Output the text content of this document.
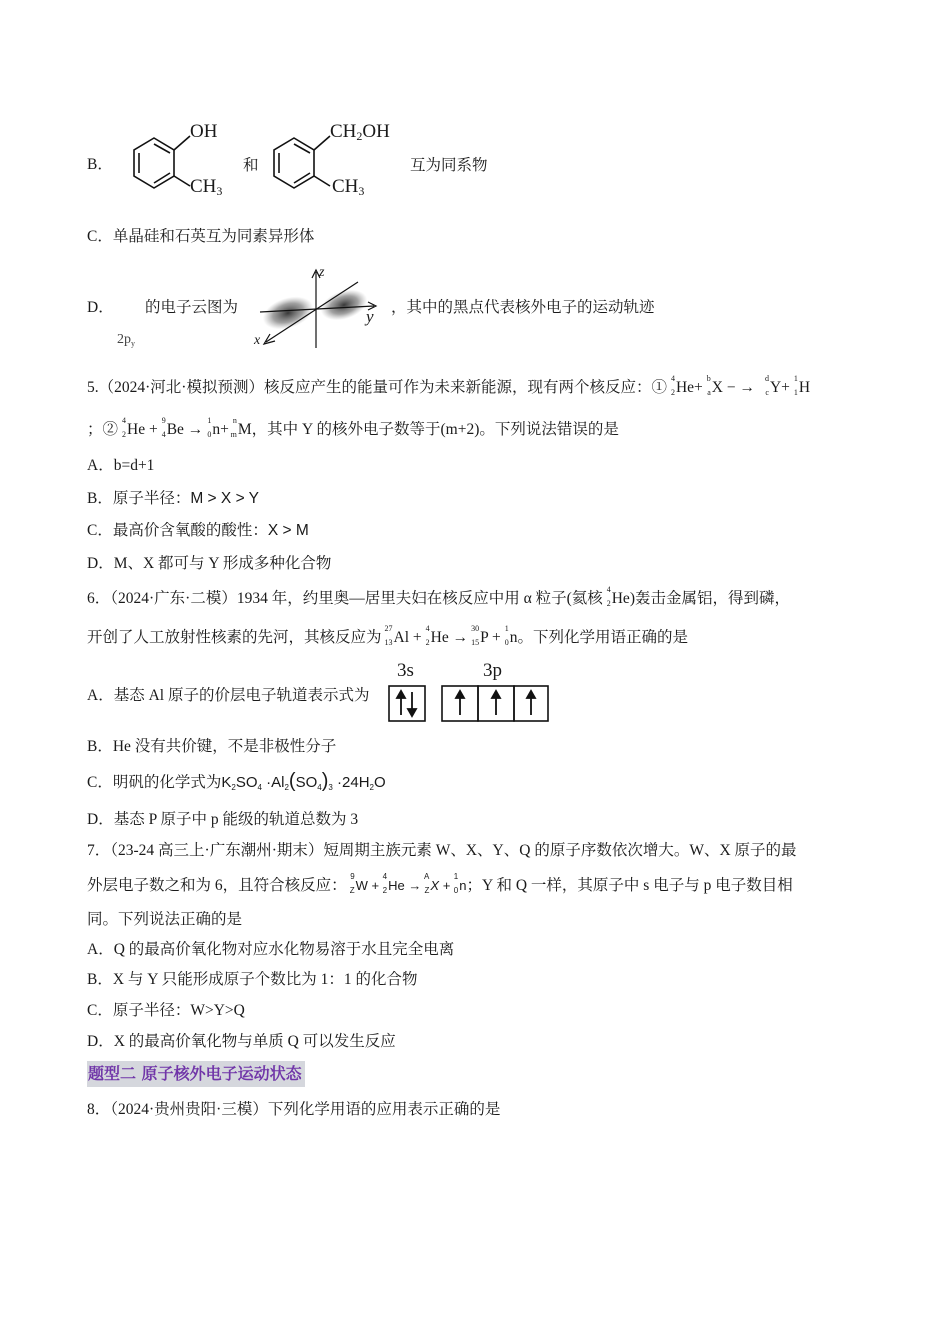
B．
OH
$CH_3$
和
$CH_2OH$
$CH_3$
互为同系物
C．单晶硅和石英互为同素异形体
D． 的电子云图为
$2p_y$
z
y
x
，其中的黑点代表核外电子的运动轨迹
5.（2024·河北·模拟预测）核反应产生的能量可作为未来新能源，现有两个核反应：①
4
2 He+
b
a X − →
d
c Y+
1
1 H
；②
4
2 He +
9
4 Be →
1
0 n+
n
m M，其中 Y 的核外电子数等于(m+2)。下列说法错误的是
A．b=d+1
B．原子半径：M > X > Y
C．最高价含氧酸的酸性：X > M
D．M、X 都可与 Y 形成多种化合物
6．（2024·广东·二模）1934 年，约里奥—居里夫妇在核反应中用 α 粒子(氦核
4
2 He)轰击金属铝，得到磷，
开创了人工放射性核素的先河，其核反应为
27
13 Al +
4
2 He →
30
15 P +
1
0 n。下列化学用语正确的是
A．基态 Al 原子的价层电子轨道表示式为
3s	3p
B．He 没有共价键，不是非极性分子
C．明矾的化学式为$K_2SO_4 \cdot Al_2(SO_4)_3 \cdot 24H_2O$
D．基态 P 原子中 p 能级的轨道总数为 3
7．（23-24 高三上·广东潮州·期末）短周期主族元素 W、X、Y、Q 的原子序数依次增大。W、X 原子的最
外层电子数之和为 6，且符合核反应：
9
Z W +
4
2 He →
A
Z X +
1
0 n；Y 和 Q 一样，其原子中 s 电子与 p 电子数目相
同。下列说法正确的是
A．Q 的最高价氧化物对应水化物易溶于水且完全电离
B．X 与 Y 只能形成原子个数比为 1：1 的化合物
C．原子半径：W>Y>Q
D．X 的最高价氧化物与单质 Q 可以发生反应
题型二 原子核外电子运动状态
8．（2024·贵州贵阳·三模）下列化学用语的应用表示正确的是
